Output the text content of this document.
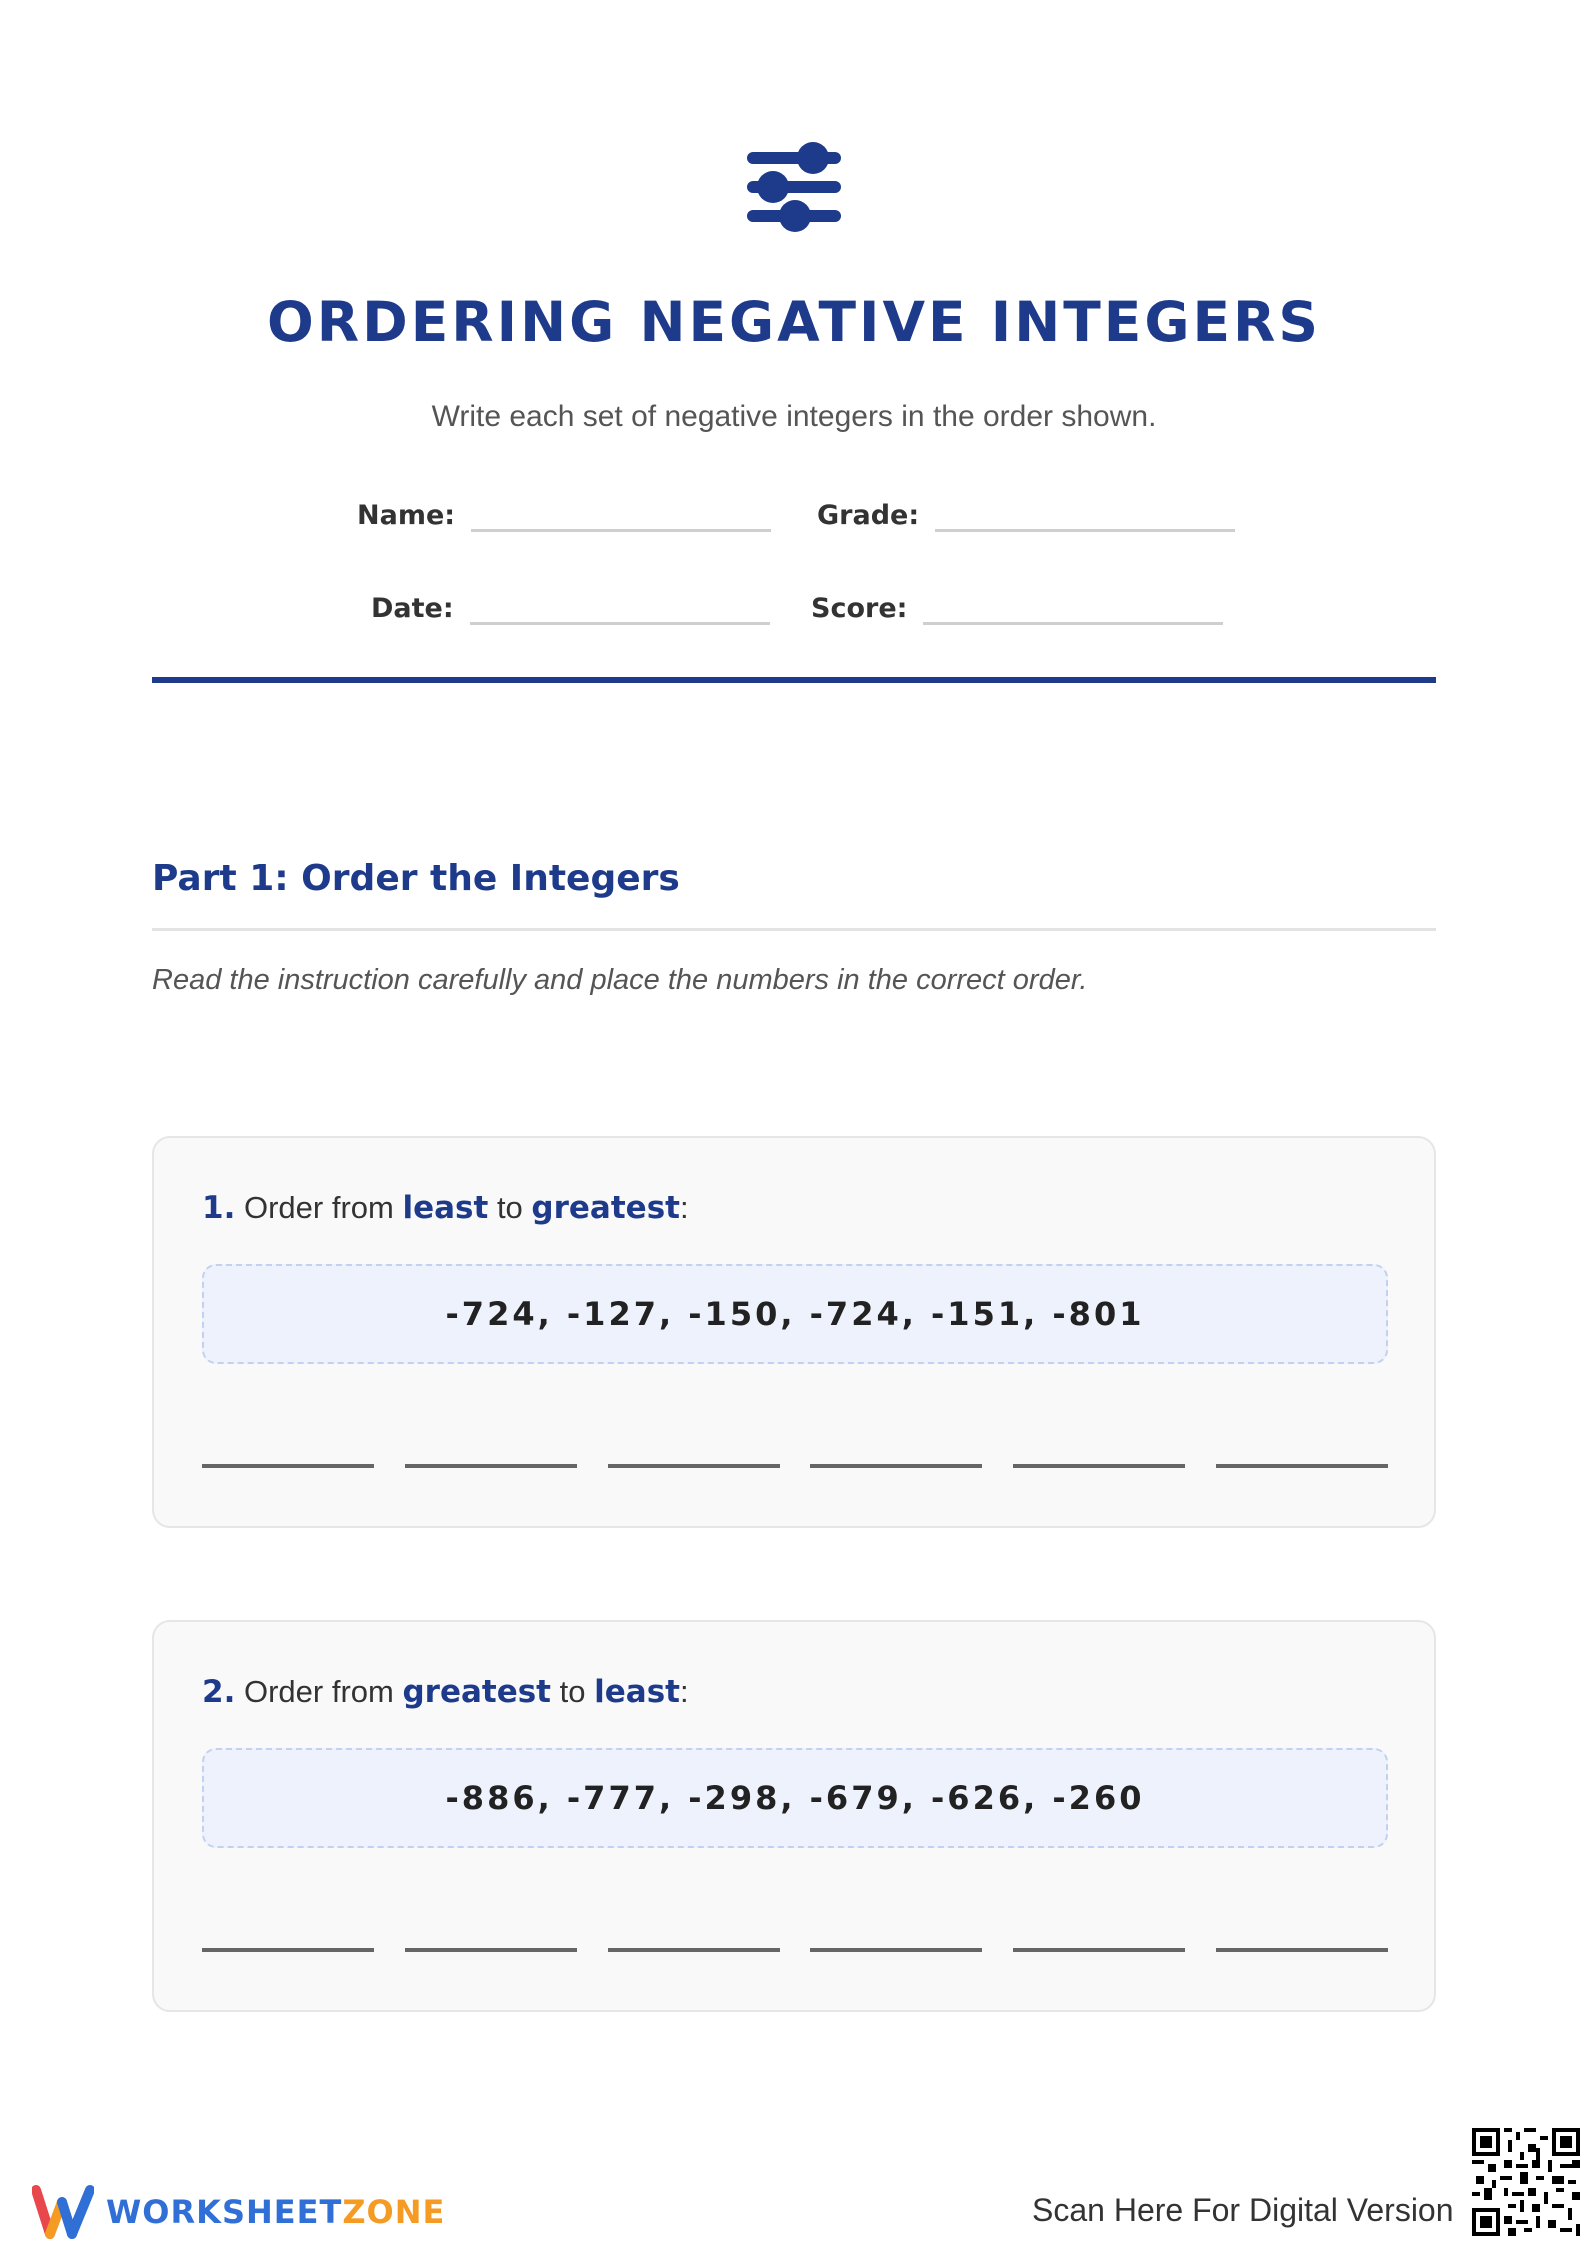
ORDERING NEGATIVE INTEGERS
Write each set of negative integers in the order shown.
Name:	Grade:
Date:	Score:
Part 1: Order the Integers
Read the instruction carefully and place the numbers in the correct order.
1. Order from least to greatest:
-724, -127, -150, -724, -151, -801
2. Order from greatest to least:
-886, -777, -298, -679, -626, -260
WORKSHEETZONE	Scan Here For Digital Version
